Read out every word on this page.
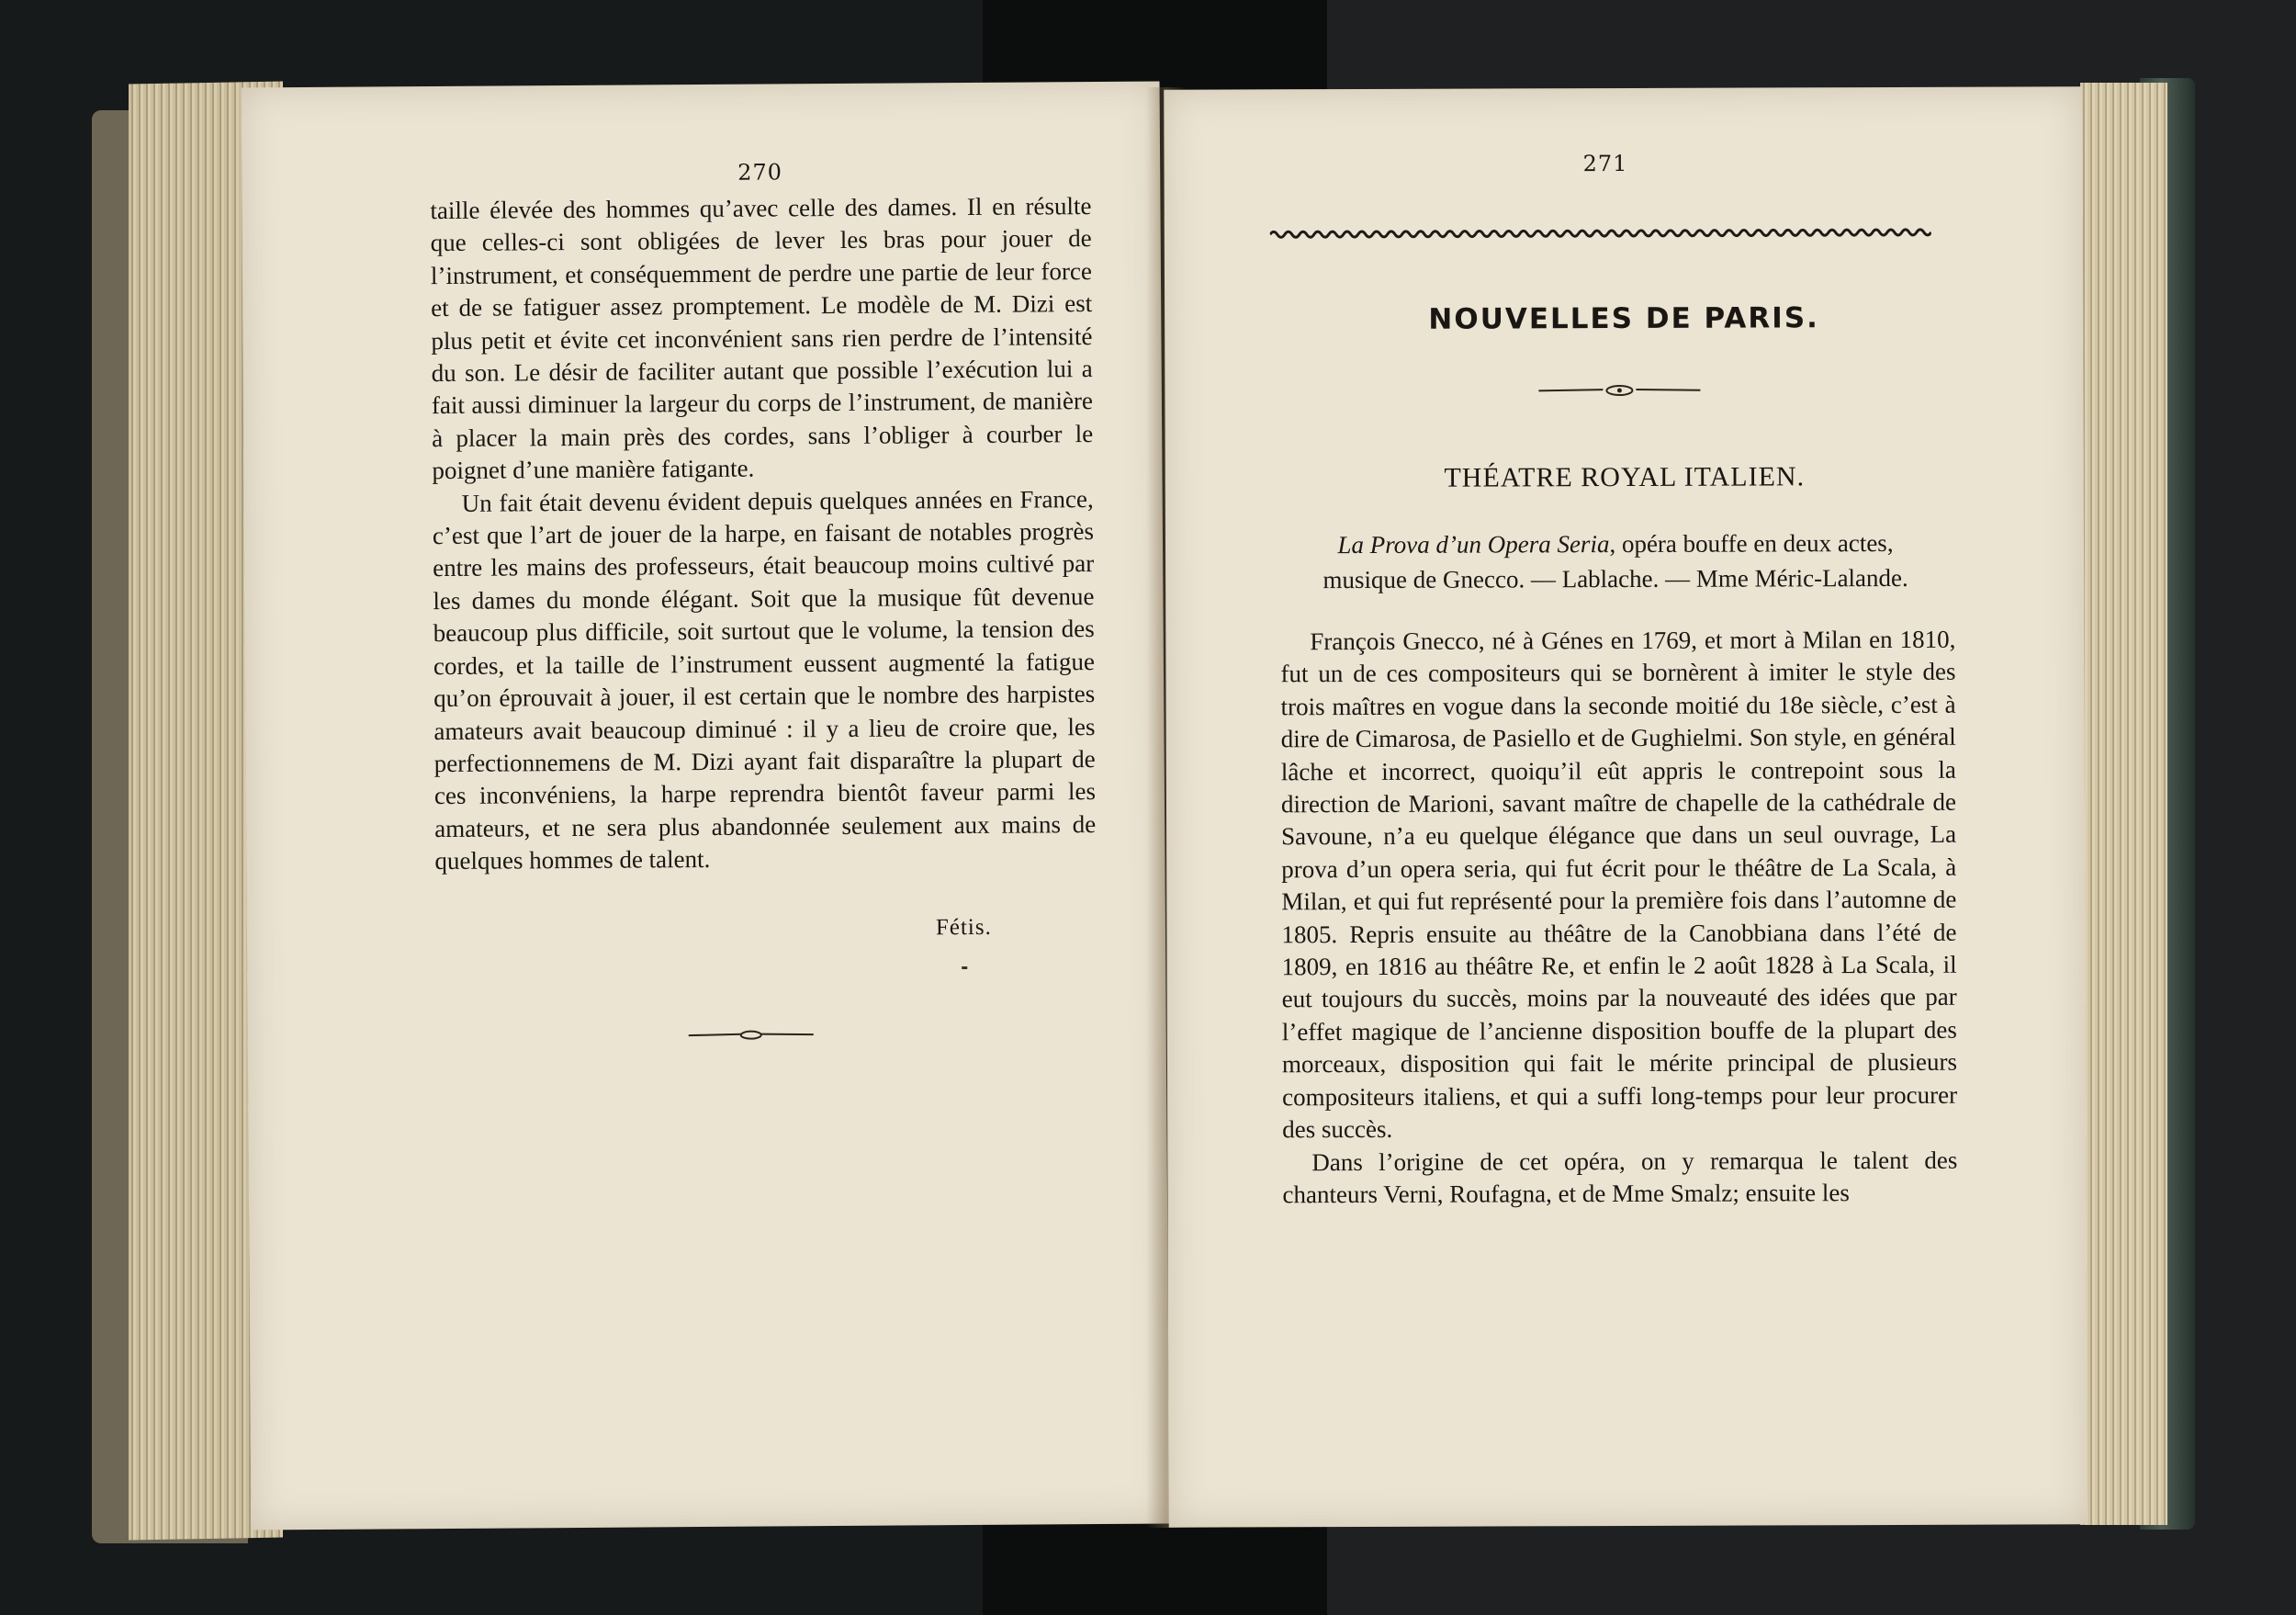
270

taille élevée des hommes qu’avec celle des dames. Il en résulte que celles-ci sont obligées de lever les bras pour jouer de l’instrument, et conséquemment de perdre une partie de leur force et de se fatiguer assez promptement. Le modèle de M. Dizi est plus petit et évite cet inconvénient sans rien perdre de l’intensité du son. Le désir de faciliter autant que possible l’exécution lui a fait aussi diminuer la largeur du corps de l’instrument, de manière à placer la main près des cordes, sans l’obliger à courber le poignet d’une manière fatigante.

Un fait était devenu évident depuis quelques années en France, c’est que l’art de jouer de la harpe, en faisant de notables progrès entre les mains des professeurs, était beaucoup moins cultivé par les dames du monde élégant. Soit que la musique fût devenue beaucoup plus difficile, soit surtout que le volume, la tension des cordes, et la taille de l’instrument eussent augmenté la fatigue qu’on éprouvait à jouer, il est certain que le nombre des harpistes amateurs avait beaucoup diminué : il y a lieu de croire que, les perfectionnemens de M. Dizi ayant fait disparaître la plupart de ces inconvéniens, la harpe reprendra bientôt faveur parmi les amateurs, et ne sera plus abandonnée seulement aux mains de quelques hommes de talent.

Fétis.
271
NOUVELLES DE PARIS.
THÉATRE ROYAL ITALIEN.
La Prova d’un Opera Seria, opéra bouffe en deux actes,
musique de Gnecco. — Lablache. — Mme Méric-Lalande.

François Gnecco, né à Génes en 1769, et mort à Milan en 1810, fut un de ces compositeurs qui se bornèrent à imiter le style des trois maîtres en vogue dans la seconde moitié du 18e siècle, c’est à dire de Cimarosa, de Pasiello et de Gughielmi. Son style, en général lâche et incorrect, quoiqu’il eût appris le contrepoint sous la direction de Marioni, savant maître de chapelle de la cathédrale de Savoune, n’a eu quelque élégance que dans un seul ouvrage, La prova d’un opera seria, qui fut écrit pour le théâtre de La Scala, à Milan, et qui fut représenté pour la première fois dans l’automne de 1805. Repris ensuite au théâtre de la Canobbiana dans l’été de 1809, en 1816 au théâtre Re, et enfin le 2 août 1828 à La Scala, il eut toujours du succès, moins par la nouveauté des idées que par l’effet magique de l’ancienne disposition bouffe de la plupart des morceaux, disposition qui fait le mérite principal de plusieurs compositeurs italiens, et qui a suffi long-temps pour leur procurer des succès.

Dans l’origine de cet opéra, on y remarqua le talent des chanteurs Verni, Roufagna, et de Mme Smalz; ensuite les
